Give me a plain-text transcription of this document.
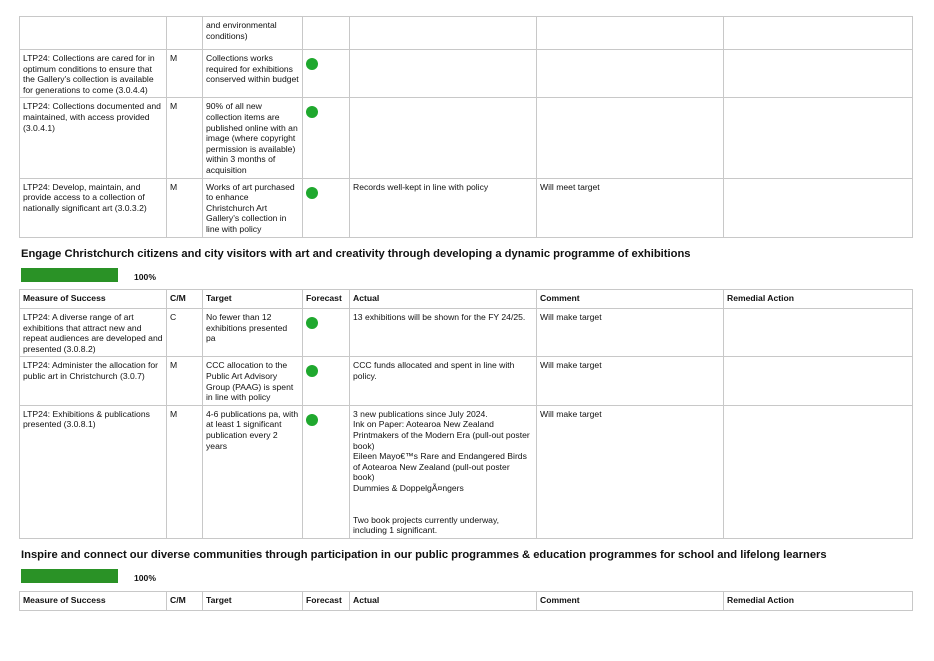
		and environmental
conditions)				
LTP24: Collections are cared for in optimum conditions to ensure that the Gallery's collection is available for generations to come (3.0.4.4)	M	Collections works required for exhibitions conserved within budget				
LTP24: Collections documented and maintained, with access provided (3.0.4.1)	M	90% of all new collection items are published online with an image (where copyright permission is available) within 3 months of acquisition				
LTP24: Develop, maintain, and provide access to a collection of nationally significant art (3.0.3.2)	M	Works of art purchased to enhance Christchurch Art Gallery's collection in line with policy		Records well-kept in line with policy	Will meet target	
Engage Christchurch citizens and city visitors with art and creativity through developing a dynamic programme of exhibitions
100%
Measure of Success	C/M	Target	Forecast	Actual	Comment	Remedial Action
LTP24: A diverse range of art exhibitions that attract new and repeat audiences are developed and presented (3.0.8.2)	C	No fewer than 12 exhibitions presented pa		13 exhibitions will be shown for the FY 24/25.	Will make target	
LTP24: Administer the allocation for public art in Christchurch (3.0.7)	M	CCC allocation to the Public Art Advisory Group (PAAG) is spent in line with policy		CCC funds allocated and spent in line with policy.	Will make target	
LTP24: Exhibitions & publications presented (3.0.8.1)	M	4-6 publications pa, with at least 1 significant publication every 2 years		3 new publications since July 2024.
Ink on Paper: Aotearoa New Zealand Printmakers of the Modern Era (pull-out poster book)
Eileen Mayo€™s Rare and Endangered Birds of Aotearoa New Zealand (pull-out poster book)
Dummies & DoppelgÃ¤ngers

Two book projects currently underway, including 1 significant.	Will make target	
Inspire and connect our diverse communities through participation in our public programmes & education programmes for school and lifelong learners
100%
Measure of Success	C/M	Target	Forecast	Actual	Comment	Remedial Action
